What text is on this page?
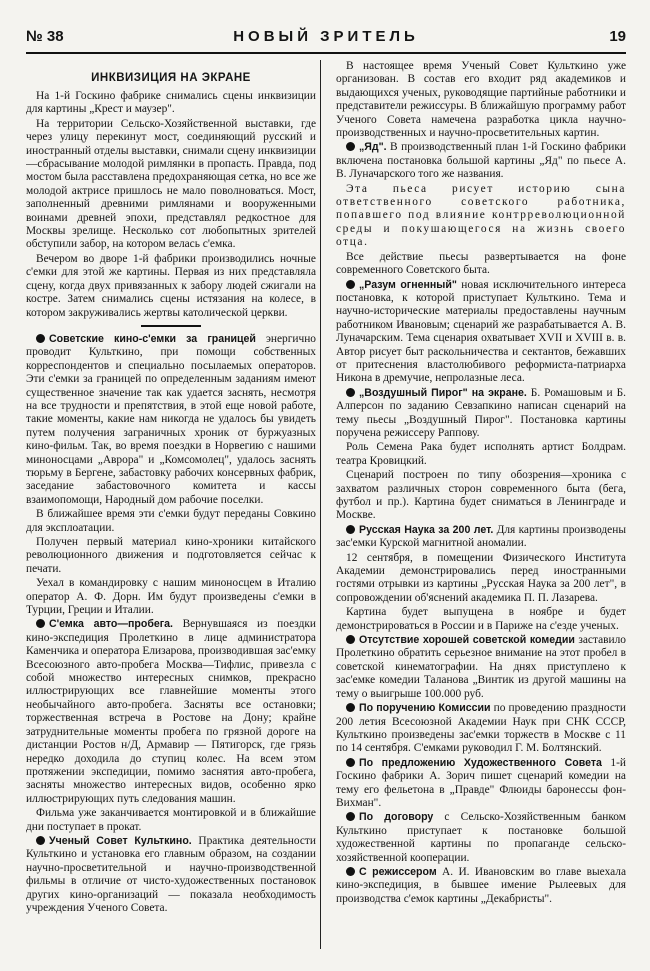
№ 38	НОВЫЙ ЗРИТЕЛЬ	19
ИНКВИЗИЦИЯ НА ЭКРАНЕ

На 1-й Госкино фабрике снимались сцены инквизиции для картины „Крест и маузер".

На территории Сельско-Хозяйственной выставки, где через улицу перекинут мост, соединяющий русский и иностранный отделы выставки, снимали сцену инквизиции—сбрасывание молодой римлянки в пропасть. Правда, под мостом была расставлена предохраняющая сетка, но все же молодой актрисе пришлось не мало поволноваться. Мост, заполненный древними римлянами и вооруженными воинами древней эпохи, представлял редкостное для Москвы зрелище. Несколько сот любопытных зрителей обступили забор, на котором велась с'емка.

Вечером во дворе 1-й фабрики производились ночные с'емки для этой же картины. Первая из них представляла сцену, когда двух привязанных к забору людей сжигали на костре. Затем снимались сцены истязания на колесе, в котором закруживались жертвы католической церкви.

Советские кино-с'емки за границей энергично проводит Культкино, при помощи собственных корреспондентов и специально посылаемых операторов. Эти с'емки за границей по определенным заданиям имеют существенное значение так как удается заснять, несмотря на все трудности и препятствия, в этой еще новой работе, такие моменты, какие нам никогда не удалось бы увидеть путем получения заграничных хроник от буржуазных кино-фильм. Так, во время поездки в Норвегию с нашими миноносцами „Аврора" и „Комсомолец", удалось заснять тюрьму в Бергене, забастовку рабочих консервных фабрик, заседание забастовочного комитета и кассы взаимопомощи, Народный дом рабочие поселки.

В ближайшее время эти с'емки будут переданы Совкино для эксплоатации.

Получен первый материал кино-хроники китайского революционного движения и подготовляется сейчас к печати.

Уехал в командировку с нашим миноносцем в Италию оператор А. Ф. Дорн. Им будут произведены с'емки в Турции, Греции и Италии.

С'емка авто—пробега. Вернувшаяся из поездки кино-экспедиция Пролеткино в лице администратора Каменчика и оператора Елизарова, производившая зас'емку Всесоюзного авто-пробега Москва—Тифлис, привезла с собой множество интересных снимков, прекрасно иллюстрирующих все главнейшие моменты этого необычайного авто-пробега. Засняты все остановки; торжественная встреча в Ростове на Дону; крайне затруднительные моменты пробега по грязной дороге на дистанции Ростов н/Д, Армавир — Пятигорск, где грязь нередко доходила до ступиц колес. На всем этом протяжении экспедиции, помимо заснятия авто-пробега, засняты множество интересных видов, особенно ярко иллюстрирующих путь следования машин.

Фильма уже заканчивается монтировкой и в ближайшие дни поступает в прокат.

Ученый Совет Культкино. Практика деятельности Культкино и установка его главным образом, на создании научно-просветительной и научно-производственной фильмы в отличие от чисто-художественных постановок других кино-организаций — показала необходимость учреждения Ученого Совета.

В настоящее время Ученый Совет Культкино уже организован. В состав его входит ряд академиков и выдающихся ученых, руководящие партийные работники и представители режиссуры. В ближайшую программу работ Ученого Совета намечена разработка цикла научно-производственных и научно-просветительных картин.

„Яд". В производственный план 1-й Госкино фабрики включена постановка большой картины „Яд" по пьесе А. В. Луначарского того же названия.

Эта пьеса рисует историю сына ответственного советского работника, попавшего под влияние контрреволюционной среды и покушающегося на жизнь своего отца.

Все действие пьесы развертывается на фоне современного Советского быта.

„Разум огненный" новая исключительного интереса постановка, к которой приступает Культкино. Тема и научно-исторические материалы предоставлены научным работником Ивановым; сценарий же разрабатывается А. В. Луначарским. Тема сценария охватывает XVII и XVIII в. в. Автор рисует быт раскольничества и сектантов, бежавших от притеснения властолюбивого реформиста-патриарха Никона в дремучие, непролазные леса.

„Воздушный Пирог" на экране. Б. Ромашовым и Б. Алперсон по заданию Севзапкино написан сценарий на тему пьесы „Воздушный Пирог". Постановка картины поручена режиссеру Раппову.

Роль Семена Рака будет исполнять артист Болдрам. театра Кровицкий.

Сценарий построен по типу обозрения—хроника с захватом различных сторон современного быта (бега, футбол и пр.). Картина будет сниматься в Ленинграде и Москве.

Русская Наука за 200 лет. Для картины производены зас'емки Курской магнитной аномалии.

12 сентября, в помещении Физического Института Академии демонстрировались перед иностранными гостями отрывки из картины „Русская Наука за 200 лет", в сопровождении об'яснений академика П. П. Лазарева.

Картина будет выпущена в ноябре и будет демонстрироваться в России и в Париже на с'езде ученых.

Отсутствие хорошей советской комедии заставило Пролеткино обратить серьезное внимание на этот пробел в советской кинематографии. На днях приступлено к зас'емке комедии Таланова „Винтик из другой машины на тему о выигрыше 100.000 руб.

По поручению Комиссии по проведению праздности 200 летия Всесоюзной Академии Наук при СНК СССР, Культкино произведены зас'емки торжеств в Москве с 11 по 14 сентября. С'емками руководил Г. М. Болтянский.

По предложению Художественного Совета 1-й Госкино фабрики А. Зорич пишет сценарий комедии на тему его фельетона в „Правде" Флюиды баронессы фон-Вихман".

По договору с Сельско-Хозяйственным банком Культкино приступает к постановке большой художественной картины по пропаганде сельско-хозяйственной кооперации.

С режиссером А. И. Ивановским во главе выехала кино-экспедиция, в бывшее имение Рылеевых для производства с'емок картины „Декабристы".
